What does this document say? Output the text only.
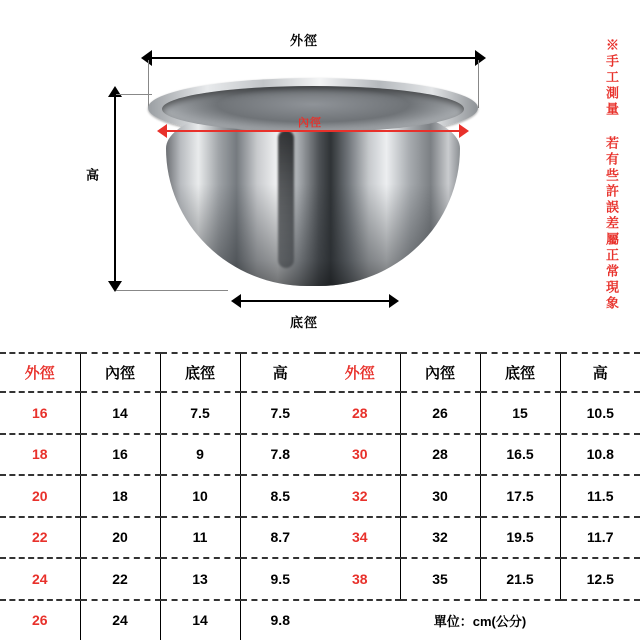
外徑
內徑
高
底徑
※手工測量 若有些許誤差屬正常現象
外徑	內徑	底徑	高
16	14	7.5	7.5
18	16	9	7.8
20	18	10	8.5
22	20	11	8.7
24	22	13	9.5
26	24	14	9.8
外徑	內徑	底徑	高
28	26	15	10.5
30	28	16.5	10.8
32	30	17.5	11.5
34	32	19.5	11.7
38	35	21.5	12.5
單位：cm(公分)			
